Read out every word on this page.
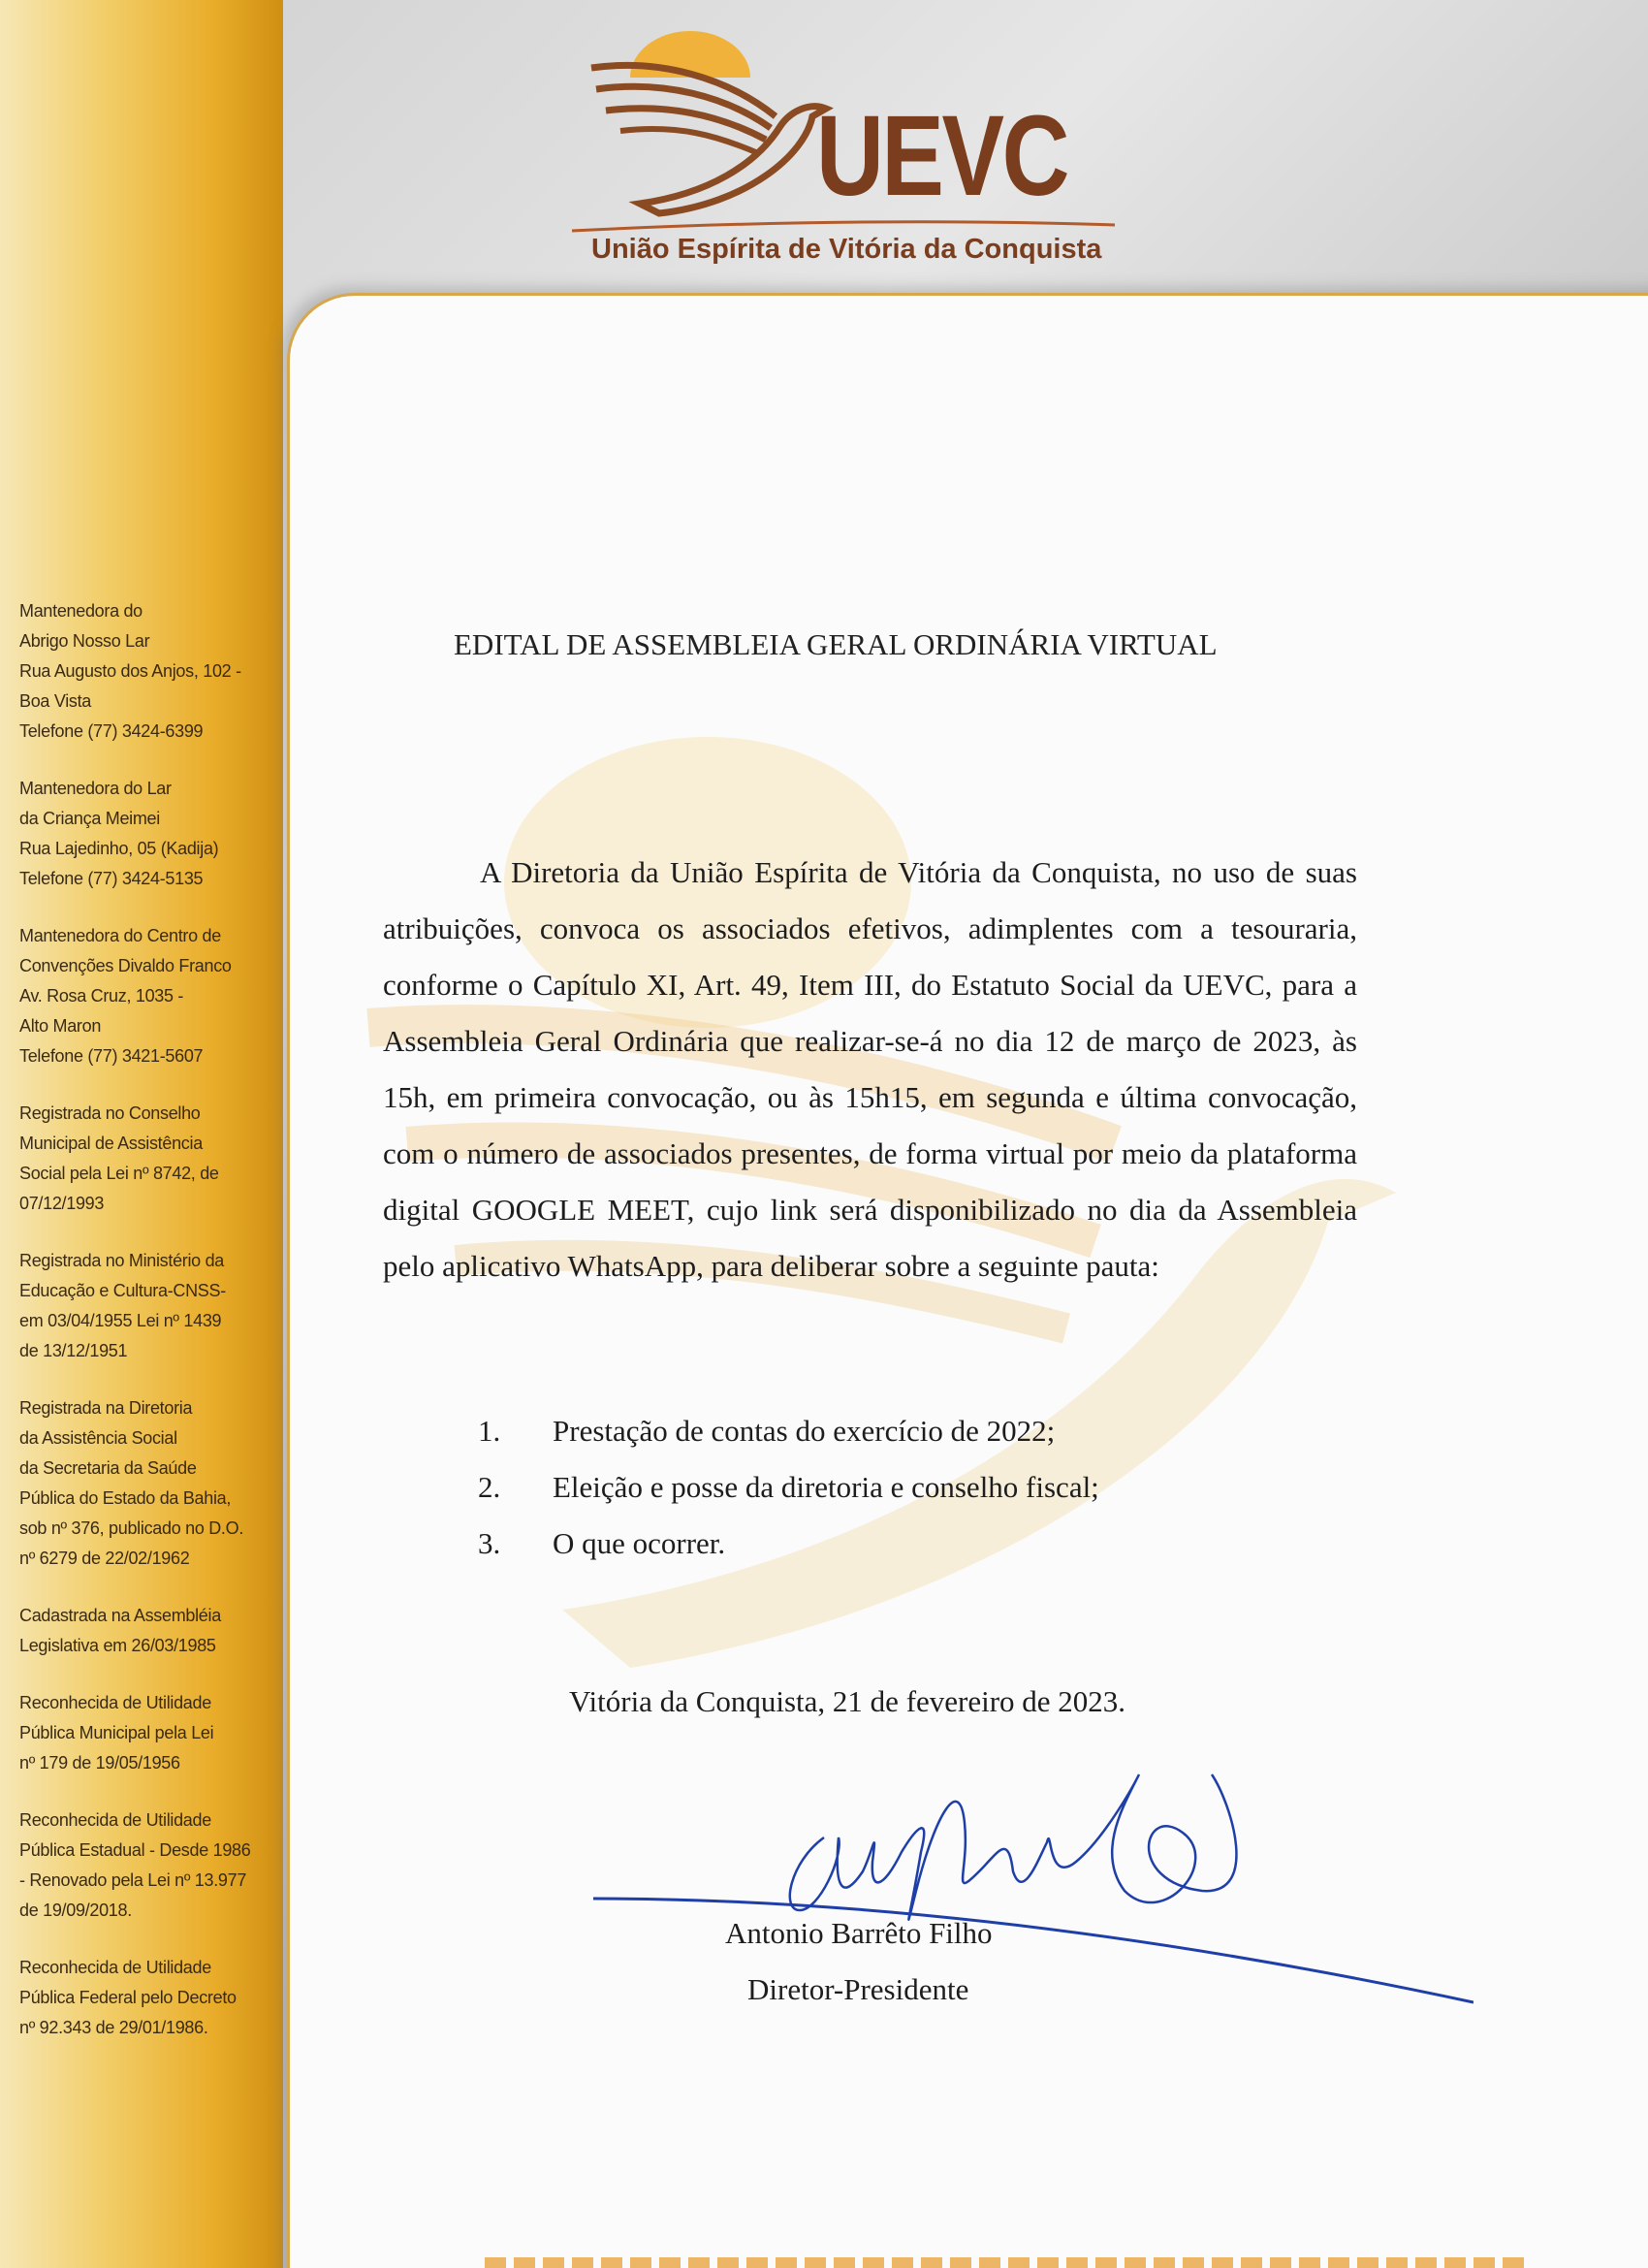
Mantenedora do
Abrigo Nosso Lar
Rua Augusto dos Anjos, 102 -
Boa Vista
Telefone (77) 3424-6399
Mantenedora do Lar
da Criança Meimei
Rua Lajedinho, 05 (Kadija)
Telefone (77) 3424-5135
Mantenedora do Centro de
Convenções Divaldo Franco
Av. Rosa Cruz, 1035 -
Alto Maron
Telefone (77) 3421-5607
Registrada no Conselho
Municipal de Assistência
Social pela Lei nº 8742, de
07/12/1993
Registrada no Ministério da
Educação e Cultura-CNSS-
em 03/04/1955 Lei nº 1439
de 13/12/1951
Registrada na Diretoria
da Assistência Social
da Secretaria da Saúde
Pública do Estado da Bahia,
sob nº 376, publicado no D.O.
nº 6279 de 22/02/1962
Cadastrada na Assembléia
Legislativa em 26/03/1985
Reconhecida de Utilidade
Pública Municipal pela Lei
nº 179 de 19/05/1956
Reconhecida de Utilidade
Pública Estadual - Desde 1986
- Renovado pela Lei nº 13.977
de 19/09/2018.
Reconhecida de Utilidade
Pública Federal pelo Decreto
nº 92.343 de 29/01/1986.
UEVC
União Espírita de Vitória da Conquista
EDITAL DE ASSEMBLEIA GERAL ORDINÁRIA VIRTUAL
A Diretoria da União Espírita de Vitória da Conquista, no uso de suas atribuições, convoca os associados efetivos, adimplentes com a tesouraria, conforme o Capítulo XI, Art. 49, Item III, do Estatuto Social da UEVC, para a Assembleia Geral Ordinária que realizar-se-á no dia 12 de março de 2023, às 15h, em primeira convocação, ou às 15h15, em segunda e última convocação, com o número de associados presentes, de forma virtual por meio da plataforma digital GOOGLE MEET, cujo link será disponibilizado no dia da Assembleia pelo aplicativo WhatsApp, para deliberar sobre a seguinte pauta:
1. Prestação de contas do exercício de 2022;
2. Eleição e posse da diretoria e conselho fiscal;
3. O que ocorrer.
Vitória da Conquista, 21 de fevereiro de 2023.
Antonio Barrêto Filho
Diretor-Presidente
